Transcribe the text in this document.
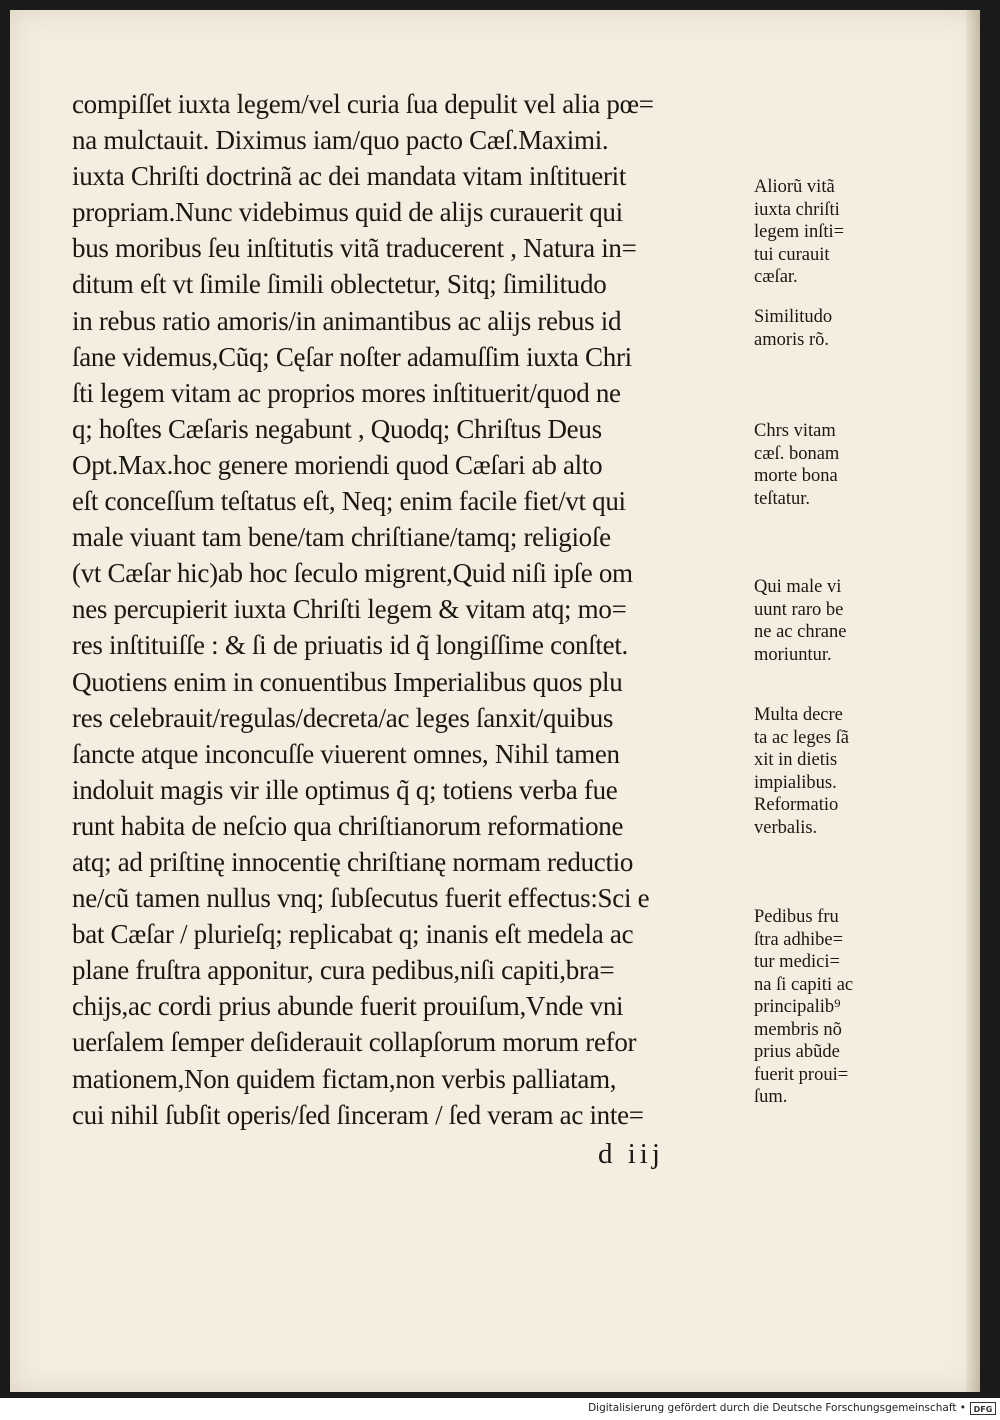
compiſſet iuxta legem/vel curia ſua depulit vel alia pœ=
na mulctauit. Diximus iam/quo pacto Cæſ.Maximi.
iuxta Chriſti doctrinã ac dei mandata vitam inſtituerit
propriam.Nunc videbimus quid de aliјs curauerit qui
bus moribus ſeu inſtitutis vitã traducerent , Natura in=
ditum eſt vt ſimile ſimili oblectetur, Sitq; ſimilitudo
in rebus ratio amoris/in animantibus ac aliјs rebus id
ſane videmus,Cũq; Cęſar noſter adamuſſim iuxta Chri
ſti legem vitam ac proprios mores inſtituerit/quod ne
q; hoſtes Cæſaris negabunt , Quodq; Chriſtus Deus
Opt.Max.hoc genere moriendi quod Cæſari ab alto
eſt conceſſum teſtatus eſt, Neq; enim facile fiet/vt qui
male viuant tam bene/tam chriſtiane/tamq; religioſe
(vt Cæſar hic)ab hoc ſeculo migrent,Quid niſi ipſe om
nes percupierit iuxta Chriſti legem & vitam atq; mo=
res inſtituiſſe : & ſi de priuatis id q̃ longiſſime conſtet.
Quotiens enim in conuentibus Imperialibus quos plu
res celebrauit/regulas/decreta/ac leges ſanxit/quibus
ſancte atque inconcuſſe viuerent omnes, Nihil tamen
indoluit magis vir ille optimus q̃ q; totiens verba fue
runt habita de neſcio qua chriſtianorum reformatione
atq; ad priſtinę innocentię chriſtianę normam reductio
ne/cũ tamen nullus vnq; ſubſecutus fuerit effectus:Sci e
bat Cæſar / plurieſq; replicabat q; inanis eſt medela ac
plane fruſtra apponitur, cura pedibus,niſi capiti,bra=
chiјs,ac cordi prius abunde fuerit prouiſum,Vnde vni
uerſalem ſemper deſiderauit collapſorum morum refor
mationem,Non quidem fictam,non verbis palliatam,
cui nihil ſubſit operis/ſed ſinceram / ſed veram ac inte=
Aliorũ vitã
iuxta chriſti
legem inſti=
tui curauit
cæſar.
Similitudo
amoris rõ.
Chrs vitam
cæſ. bonam
morte bona
teſtatur.
Qui male vi
uunt raro be
ne ac chrane
moriuntur.
Multa decre
ta ac leges ſã
xit in dietis
impialibus.
Reformatio
verbalis.
Pedibus fru
ſtra adhibe=
tur medici=
na ſi capiti ac
principalib⁹
membris nõ
prius abũde
fuerit proui=
ſum.
d iij
Digitalisierung gefördert durch die Deutsche Forschungsgemeinschaft • DFG
